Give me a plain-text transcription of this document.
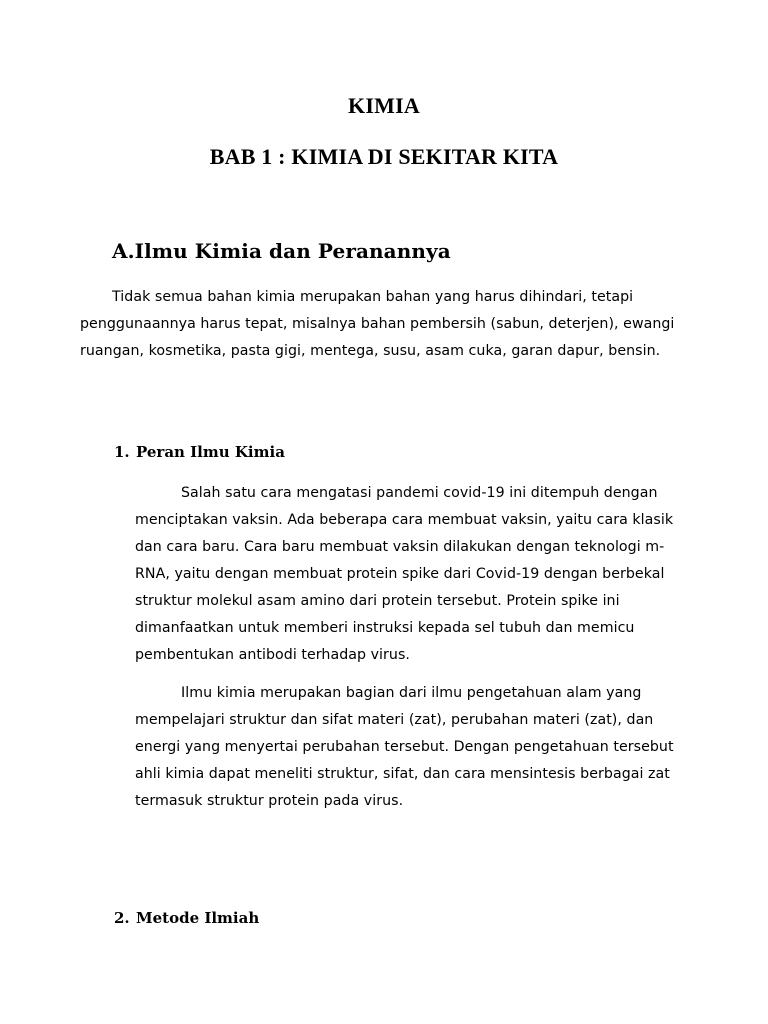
KIMIA
BAB 1 : KIMIA DI SEKITAR KITA
A.Ilmu Kimia dan Peranannya

Tidak semua bahan kimia merupakan bahan yang harus dihindari, tetapi penggunaannya harus tepat, misalnya bahan pembersih (sabun, deterjen), ewangi ruangan, kosmetika, pasta gigi, mentega, susu, asam cuka, garan dapur, bensin.

1. Peran Ilmu Kimia

Salah satu cara mengatasi pandemi covid-19 ini ditempuh dengan menciptakan vaksin. Ada beberapa cara membuat vaksin, yaitu cara klasik dan cara baru. Cara baru membuat vaksin dilakukan dengan teknologi m-RNA, yaitu dengan membuat protein spike dari Covid-19 dengan berbekal struktur molekul asam amino dari protein tersebut. Protein spike ini dimanfaatkan untuk memberi instruksi kepada sel tubuh dan memicu pembentukan antibodi terhadap virus.

Ilmu kimia merupakan bagian dari ilmu pengetahuan alam yang mempelajari struktur dan sifat materi (zat), perubahan materi (zat), dan energi yang menyertai perubahan tersebut. Dengan pengetahuan tersebut ahli kimia dapat meneliti struktur, sifat, dan cara mensintesis berbagai zat termasuk struktur protein pada virus.

2. Metode Ilmiah
